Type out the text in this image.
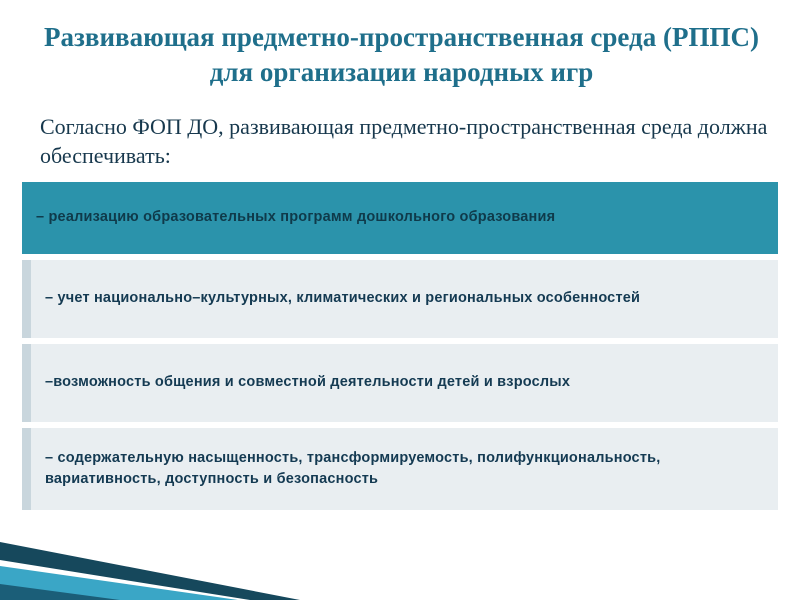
Развивающая предметно-пространственная среда (РППС) для организации народных игр
Согласно ФОП ДО, развивающая предметно-пространственная среда должна обеспечивать:
– реализацию образовательных программ дошкольного образования
– учет национально–культурных, климатических и региональных особенностей
–возможность общения и совместной деятельности детей и взрослых
– содержательную насыщенность, трансформируемость, полифункциональность, вариативность, доступность и безопасность
